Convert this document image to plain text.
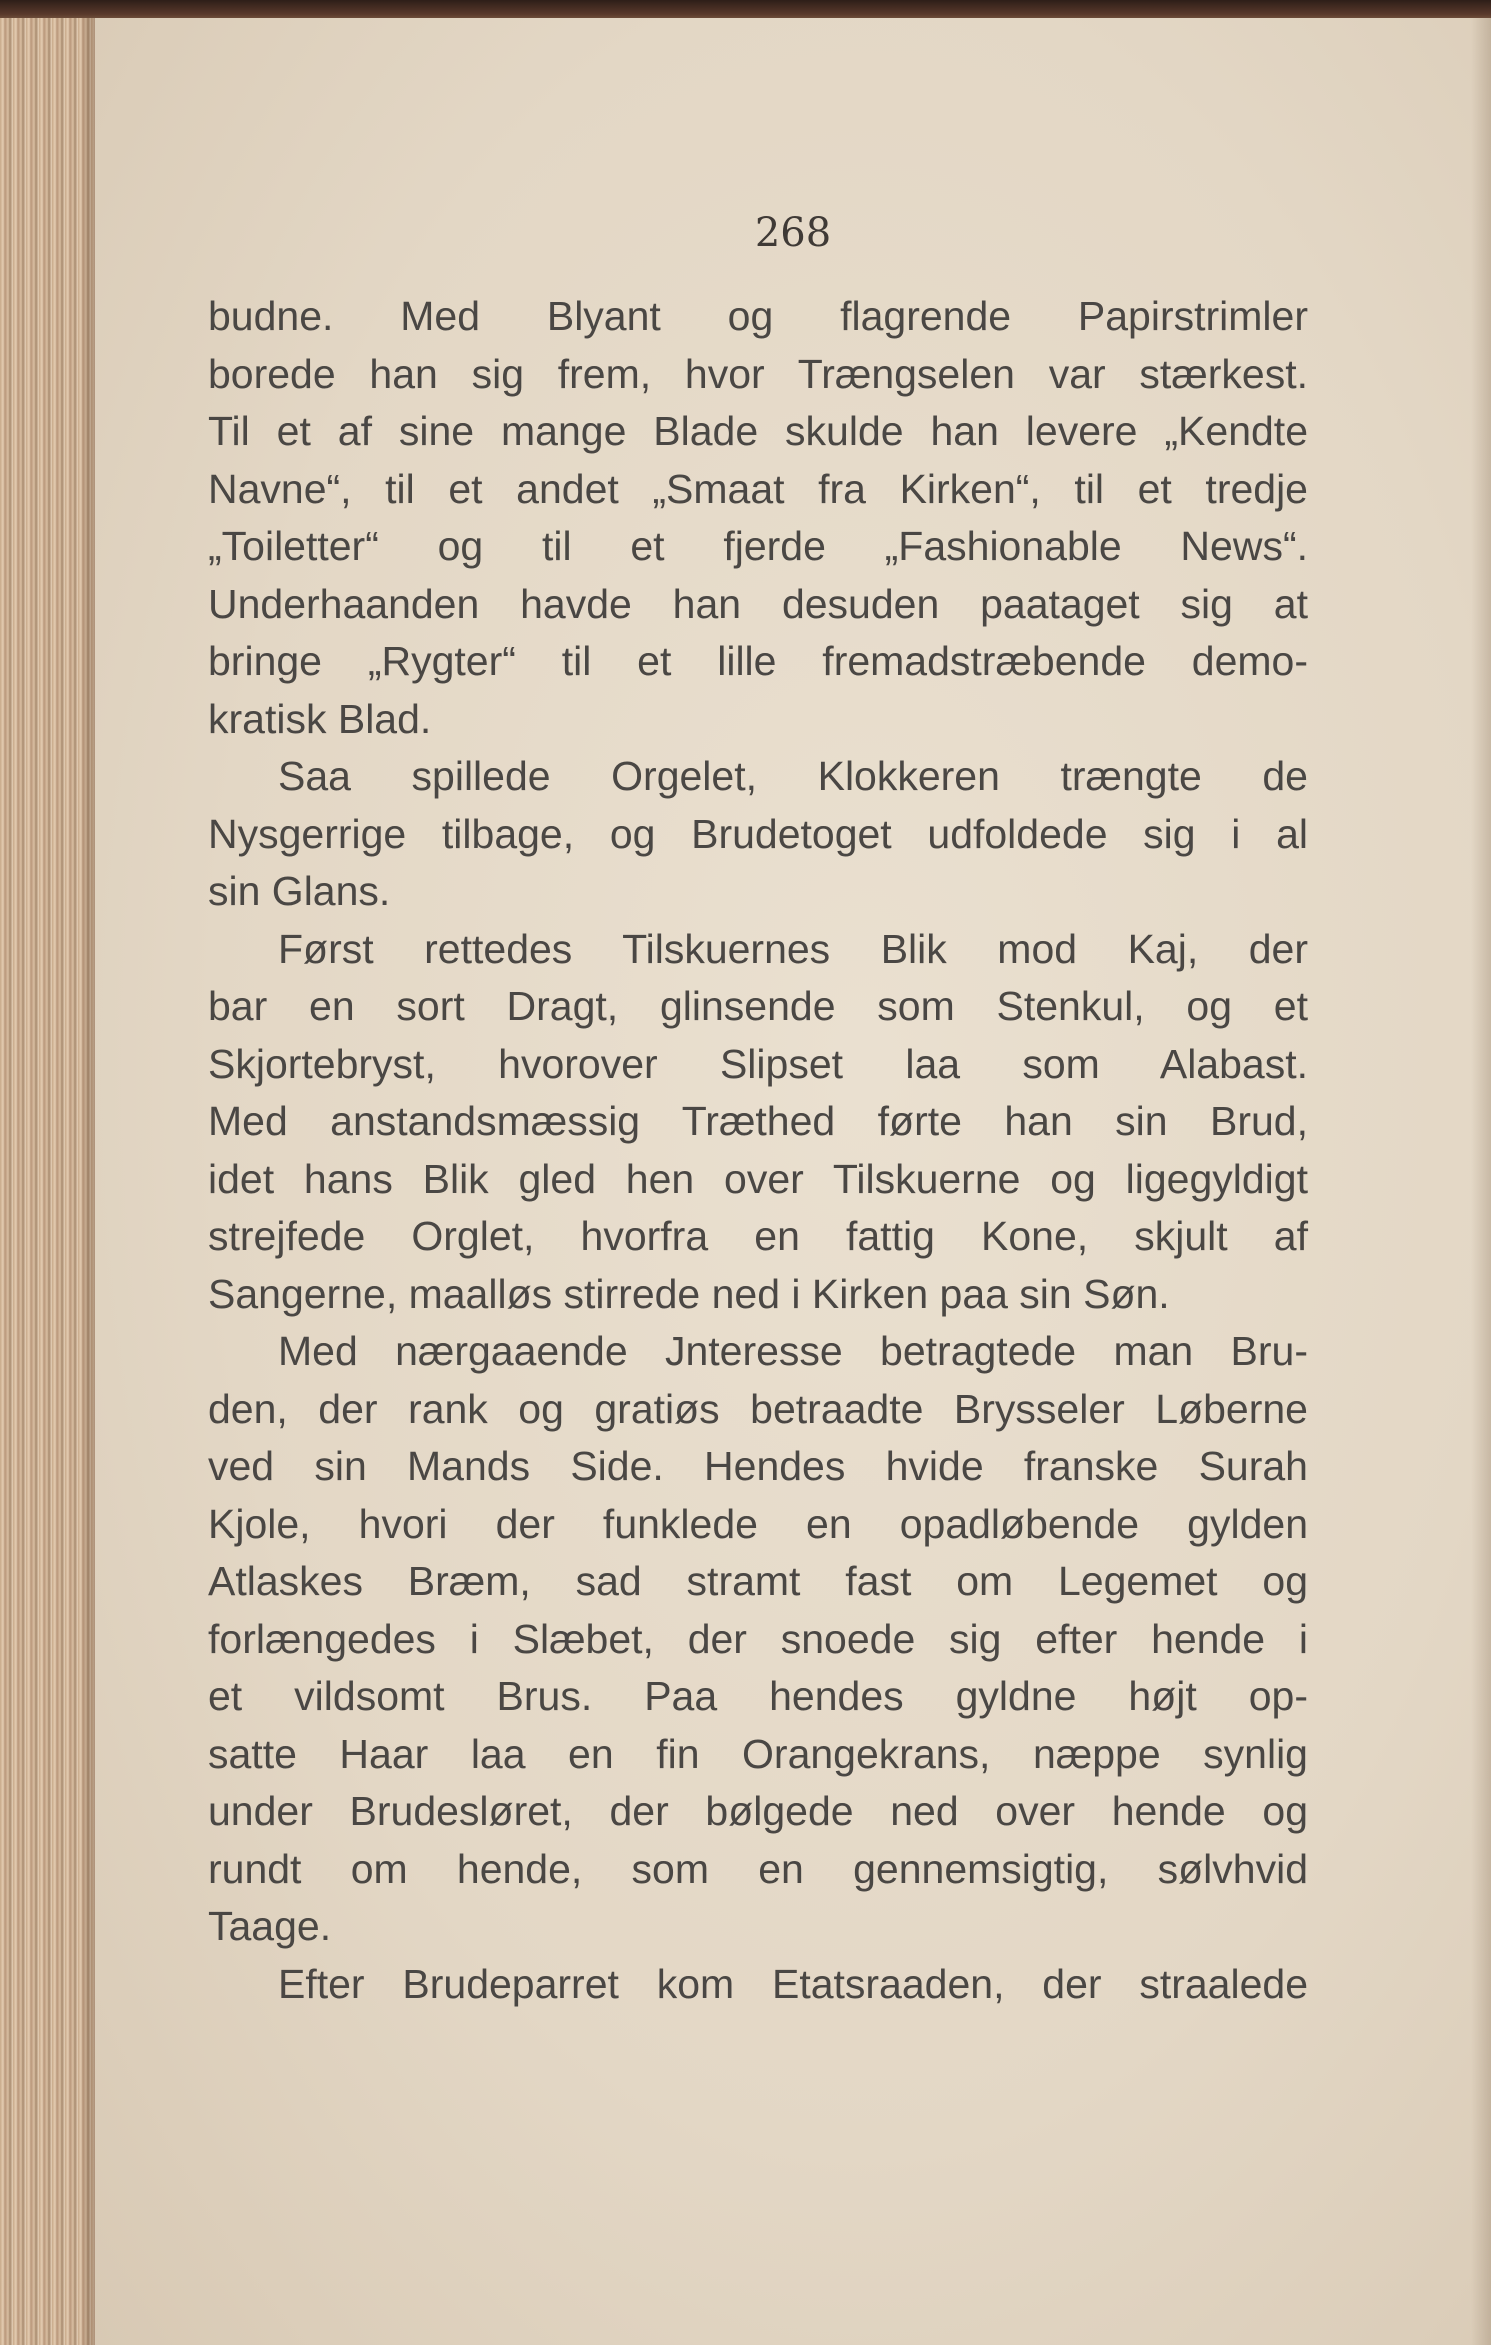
268

budne. Med Blyant og flagrende Papirstrimler

borede han sig frem, hvor Trængselen var stærkest.

Til et af sine mange Blade skulde han levere „Kendte

Navne“, til et andet „Smaat fra Kirken“, til et tredje

„Toiletter“ og til et fjerde „Fashionable News“.

Underhaanden havde han desuden paataget sig at

bringe „Rygter“ til et lille fremadstræbende demo-

kratisk Blad.

Saa spillede Orgelet, Klokkeren trængte de

Nysgerrige tilbage, og Brudetoget udfoldede sig i al

sin Glans.

Først rettedes Tilskuernes Blik mod Kaj, der

bar en sort Dragt, glinsende som Stenkul, og et

Skjortebryst, hvorover Slipset laa som Alabast.

Med anstandsmæssig Træthed førte han sin Brud,

idet hans Blik gled hen over Tilskuerne og ligegyldigt

strejfede Orglet, hvorfra en fattig Kone, skjult af

Sangerne, maalløs stirrede ned i Kirken paa sin Søn.

Med nærgaaende Jnteresse betragtede man Bru-

den, der rank og gratiøs betraadte Brysseler Løberne

ved sin Mands Side. Hendes hvide franske Surah

Kjole, hvori der funklede en opadløbende gylden

Atlaskes Bræm, sad stramt fast om Legemet og

forlængedes i Slæbet, der snoede sig efter hende i

et vildsomt Brus. Paa hendes gyldne højt op-

satte Haar laa en fin Orangekrans, næppe synlig

under Brudesløret, der bølgede ned over hende og

rundt om hende, som en gennemsigtig, sølvhvid

Taage.

Efter Brudeparret kom Etatsraaden, der straalede
